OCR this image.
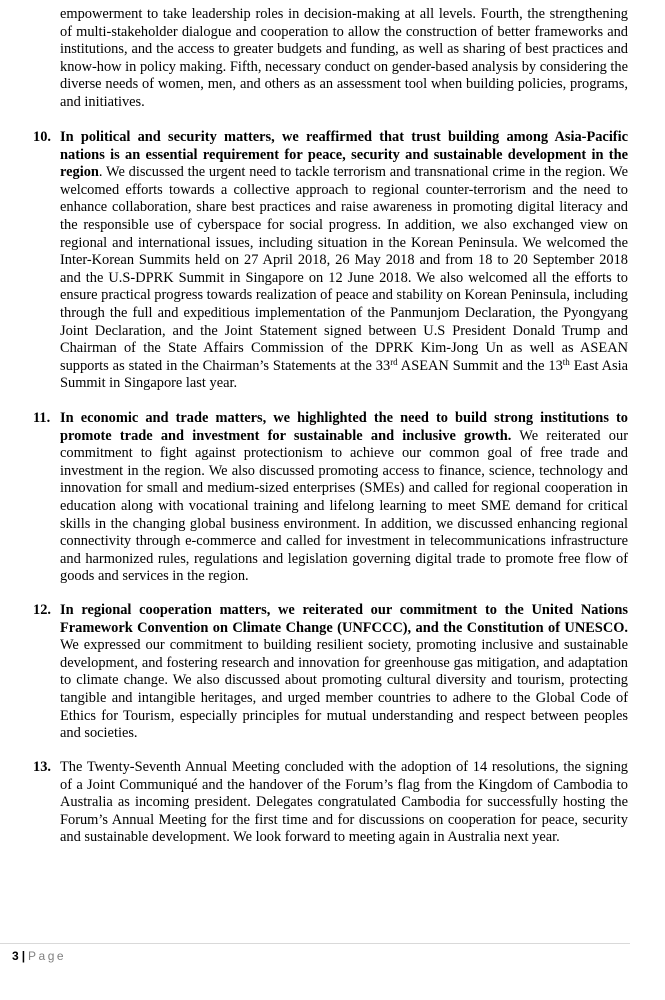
empowerment to take leadership roles in decision-making at all levels. Fourth, the strengthening of multi-stakeholder dialogue and cooperation to allow the construction of better frameworks and institutions, and the access to greater budgets and funding, as well as sharing of best practices and know-how in policy making. Fifth, necessary conduct on gender-based analysis by considering the diverse needs of women, men, and others as an assessment tool when building policies, programs, and initiatives.
10. In political and security matters, we reaffirmed that trust building among Asia-Pacific nations is an essential requirement for peace, security and sustainable development in the region. We discussed the urgent need to tackle terrorism and transnational crime in the region. We welcomed efforts towards a collective approach to regional counter-terrorism and the need to enhance collaboration, share best practices and raise awareness in promoting digital literacy and the responsible use of cyberspace for social progress. In addition, we also exchanged view on regional and international issues, including situation in the Korean Peninsula. We welcomed the Inter-Korean Summits held on 27 April 2018, 26 May 2018 and from 18 to 20 September 2018 and the U.S-DPRK Summit in Singapore on 12 June 2018. We also welcomed all the efforts to ensure practical progress towards realization of peace and stability on Korean Peninsula, including through the full and expeditious implementation of the Panmunjom Declaration, the Pyongyang Joint Declaration, and the Joint Statement signed between U.S President Donald Trump and Chairman of the State Affairs Commission of the DPRK Kim-Jong Un as well as ASEAN supports as stated in the Chairman’s Statements at the 33rd ASEAN Summit and the 13th East Asia Summit in Singapore last year.
11. In economic and trade matters, we highlighted the need to build strong institutions to promote trade and investment for sustainable and inclusive growth. We reiterated our commitment to fight against protectionism to achieve our common goal of free trade and investment in the region. We also discussed promoting access to finance, science, technology and innovation for small and medium-sized enterprises (SMEs) and called for regional cooperation in education along with vocational training and lifelong learning to meet SME demand for critical skills in the changing global business environment. In addition, we discussed enhancing regional connectivity through e-commerce and called for investment in telecommunications infrastructure and harmonized rules, regulations and legislation governing digital trade to promote free flow of goods and services in the region.
12. In regional cooperation matters, we reiterated our commitment to the United Nations Framework Convention on Climate Change (UNFCCC), and the Constitution of UNESCO. We expressed our commitment to building resilient society, promoting inclusive and sustainable development, and fostering research and innovation for greenhouse gas mitigation, and adaptation to climate change. We also discussed about promoting cultural diversity and tourism, protecting tangible and intangible heritages, and urged member countries to adhere to the Global Code of Ethics for Tourism, especially principles for mutual understanding and respect between peoples and societies.
13. The Twenty-Seventh Annual Meeting concluded with the adoption of 14 resolutions, the signing of a Joint Communiqué and the handover of the Forum’s flag from the Kingdom of Cambodia to Australia as incoming president. Delegates congratulated Cambodia for successfully hosting the Forum’s Annual Meeting for the first time and for discussions on cooperation for peace, security and sustainable development. We look forward to meeting again in Australia next year.
3 | Page
